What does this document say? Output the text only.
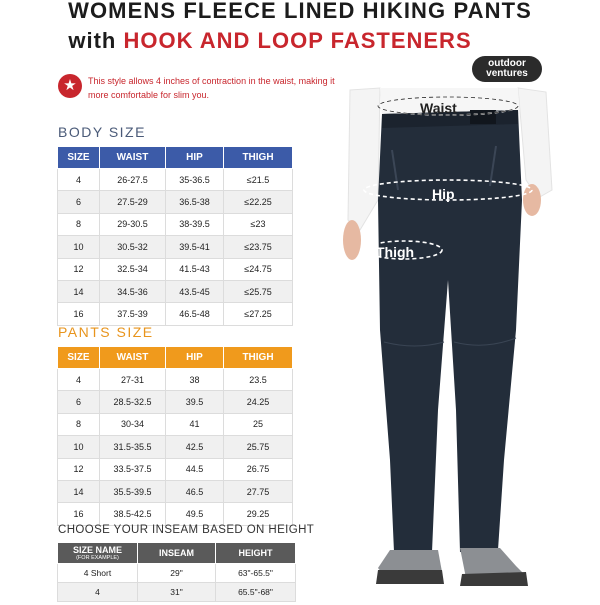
WOMENS FLEECE LINED HIKING PANTS
with HOOK AND LOOP FASTENERS
outdoor
ventures
★	This style allows 4 inches of contraction in the waist, making it more comfortable for slim you.
BODY SIZE
SIZE	WAIST	HIP	THIGH
4	26-27.5	35-36.5	≤21.5
6	27.5-29	36.5-38	≤22.25
8	29-30.5	38-39.5	≤23
10	30.5-32	39.5-41	≤23.75
12	32.5-34	41.5-43	≤24.75
14	34.5-36	43.5-45	≤25.75
16	37.5-39	46.5-48	≤27.25
PANTS SIZE
SIZE	WAIST	HIP	THIGH
4	27-31	38	23.5
6	28.5-32.5	39.5	24.25
8	30-34	41	25
10	31.5-35.5	42.5	25.75
12	33.5-37.5	44.5	26.75
14	35.5-39.5	46.5	27.75
16	38.5-42.5	49.5	29.25
CHOOSE YOUR INSEAM BASED ON HEIGHT
SIZE NAME
(FOR EXAMPLE)	INSEAM	HEIGHT
4 Short	29"	63"-65.5"
4	31"	65.5"-68"
Waist
Hip
Thigh
